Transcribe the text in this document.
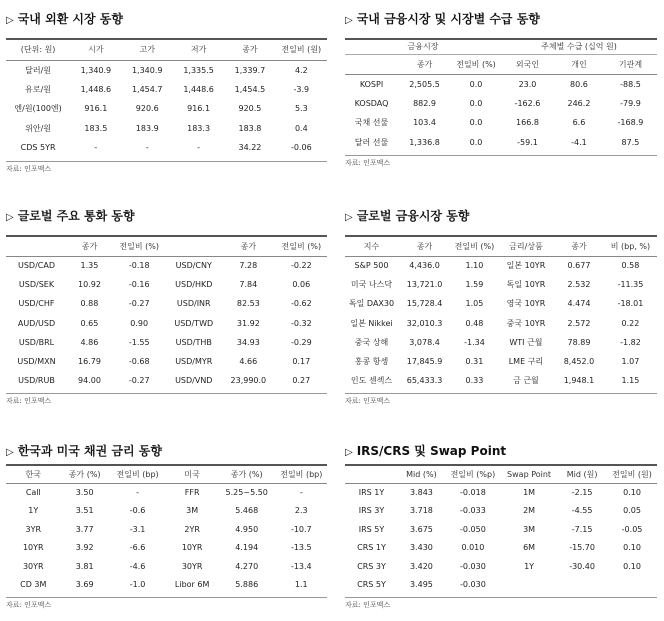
▷ 국내 외환 시장 동향
(단위: 원)	시가	고가	저가	종가	전일비 (원)
달러/원	1,340.9	1,340.9	1,335.5	1,339.7	4.2
유로/원	1,448.6	1,454.7	1,448.6	1,454.5	-3.9
엔/원(100엔)	916.1	920.6	916.1	920.5	5.3
위안/원	183.5	183.9	183.3	183.8	0.4
CDS 5YR	-	-	-	34.22	-0.06
자료: 인포맥스
▷ 국내 금융시장 및 시장별 수급 동향
금융시장			주체별 수급 (십억 원)		
	종가	전일비 (%)	외국인	개인	기관계
KOSPI	2,505.5	0.0	23.0	80.6	-88.5
KOSDAQ	882.9	0.0	-162.6	246.2	-79.9
국채 선물	103.4	0.0	166.8	6.6	-168.9
달러 선물	1,336.8	0.0	-59.1	-4.1	87.5
자료: 인포맥스
▷ 글로벌 주요 통화 동향
	종가	전일비 (%)		종가	전일비 (%)
USD/CAD	1.35	-0.18	USD/CNY	7.28	-0.22
USD/SEK	10.92	-0.16	USD/HKD	7.84	0.06
USD/CHF	0.88	-0.27	USD/INR	82.53	-0.62
AUD/USD	0.65	0.90	USD/TWD	31.92	-0.32
USD/BRL	4.86	-1.55	USD/THB	34.93	-0.29
USD/MXN	16.79	-0.68	USD/MYR	4.66	0.17
USD/RUB	94.00	-0.27	USD/VND	23,990.0	0.27
자료: 인포맥스
▷ 글로벌 금융시장 동향
지수	종가	전일비 (%)	금리/상품	종가	비 (bp, %)
S&P 500	4,436.0	1.10	일본 10YR	0.677	0.58
미국 나스닥	13,721.0	1.59	독일 10YR	2.532	-11.35
독일 DAX30	15,728.4	1.05	영국 10YR	4.474	-18.01
일본 Nikkei	32,010.3	0.48	중국 10YR	2.572	0.22
중국 상해	3,078.4	-1.34	WTI 근월	78.89	-1.82
홍콩 항셍	17,845.9	0.31	LME 구리	8,452.0	1.07
인도 센섹스	65,433.3	0.33	금 근월	1,948.1	1.15
자료: 인포맥스
▷ 한국과 미국 채권 금리 동향
한국	종가 (%)	전일비 (bp)	미국	종가 (%)	전일비 (bp)
Call	3.50	-	FFR	5.25~5.50	-
1Y	3.51	-0.6	3M	5.468	2.3
3YR	3.77	-3.1	2YR	4.950	-10.7
10YR	3.92	-6.6	10YR	4.194	-13.5
30YR	3.81	-4.6	30YR	4.270	-13.4
CD 3M	3.69	-1.0	Libor 6M	5.886	1.1
자료: 인포맥스
▷ IRS/CRS 및 Swap Point
	Mid (%)	전일비 (%p)	Swap Point	Mid (원)	전일비 (원)
IRS 1Y	3.843	-0.018	1M	-2.15	0.10
IRS 3Y	3.718	-0.033	2M	-4.55	0.05
IRS 5Y	3.675	-0.050	3M	-7.15	-0.05
CRS 1Y	3.430	0.010	6M	-15.70	0.10
CRS 3Y	3.420	-0.030	1Y	-30.40	0.10
CRS 5Y	3.495	-0.030			
자료: 인포맥스
